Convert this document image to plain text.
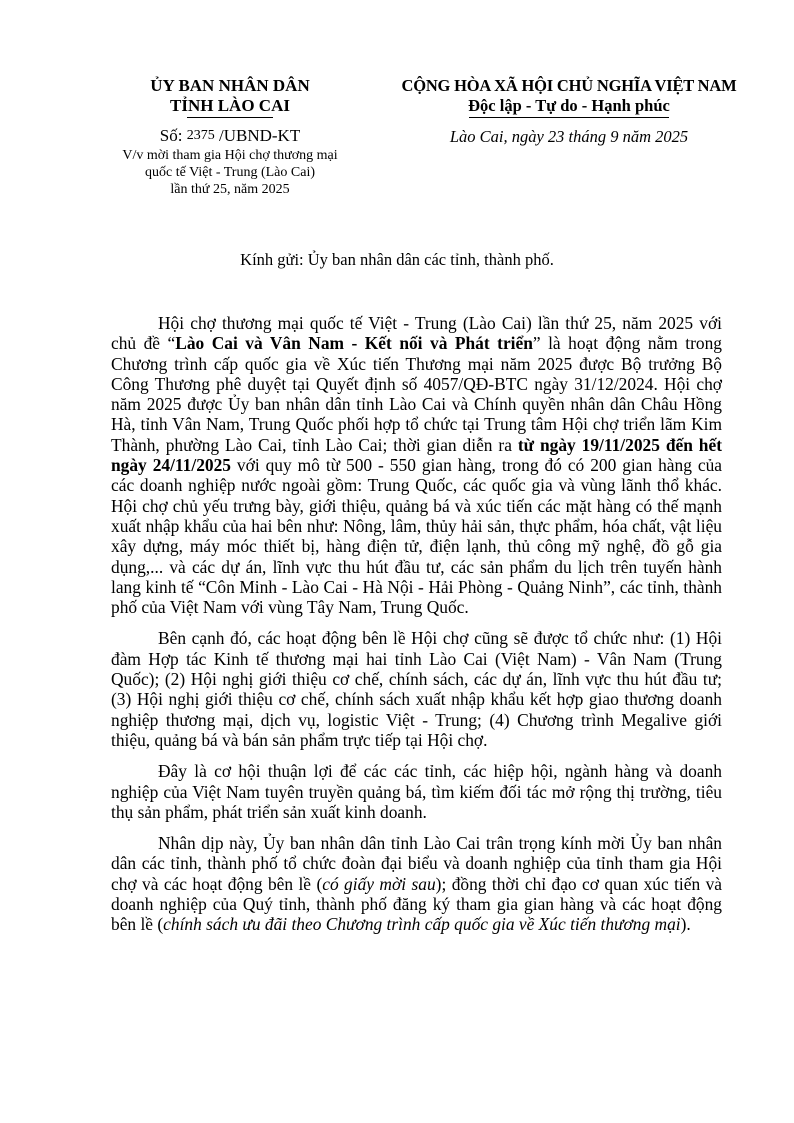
ỦY BAN NHÂN DÂN
TỈNH LÀO CAI
Số: 2375 /UBND-KT
V/v mời tham gia Hội chợ thương mại
quốc tế Việt - Trung (Lào Cai)
lần thứ 25, năm 2025
CỘNG HÒA XÃ HỘI CHỦ NGHĨA VIỆT NAM
Độc lập - Tự do - Hạnh phúc
Lào Cai, ngày 23 tháng 9 năm 2025
Kính gửi: Ủy ban nhân dân các tỉnh, thành phố.

Hội chợ thương mại quốc tế Việt - Trung (Lào Cai) lần thứ 25, năm 2025 với chủ đề “Lào Cai và Vân Nam - Kết nối và Phát triển” là hoạt động nằm trong Chương trình cấp quốc gia về Xúc tiến Thương mại năm 2025 được Bộ trưởng Bộ Công Thương phê duyệt tại Quyết định số 4057/QĐ-BTC ngày 31/12/2024. Hội chợ năm 2025 được Ủy ban nhân dân tỉnh Lào Cai và Chính quyền nhân dân Châu Hồng Hà, tỉnh Vân Nam, Trung Quốc phối hợp tổ chức tại Trung tâm Hội chợ triển lãm Kim Thành, phường Lào Cai, tỉnh Lào Cai; thời gian diễn ra từ ngày 19/11/2025 đến hết ngày 24/11/2025 với quy mô từ 500 - 550 gian hàng, trong đó có 200 gian hàng của các doanh nghiệp nước ngoài gồm: Trung Quốc, các quốc gia và vùng lãnh thổ khác. Hội chợ chủ yếu trưng bày, giới thiệu, quảng bá và xúc tiến các mặt hàng có thế mạnh xuất nhập khẩu của hai bên như: Nông, lâm, thủy hải sản, thực phẩm, hóa chất, vật liệu xây dựng, máy móc thiết bị, hàng điện tử, điện lạnh, thủ công mỹ nghệ, đồ gỗ gia dụng,... và các dự án, lĩnh vực thu hút đầu tư, các sản phẩm du lịch trên tuyến hành lang kinh tế “Côn Minh - Lào Cai - Hà Nội - Hải Phòng - Quảng Ninh”, các tỉnh, thành phố của Việt Nam với vùng Tây Nam, Trung Quốc.

Bên cạnh đó, các hoạt động bên lề Hội chợ cũng sẽ được tổ chức như: (1) Hội đàm Hợp tác Kinh tế thương mại hai tỉnh Lào Cai (Việt Nam) - Vân Nam (Trung Quốc); (2) Hội nghị giới thiệu cơ chế, chính sách, các dự án, lĩnh vực thu hút đầu tư; (3) Hội nghị giới thiệu cơ chế, chính sách xuất nhập khẩu kết hợp giao thương doanh nghiệp thương mại, dịch vụ, logistic Việt - Trung; (4) Chương trình Megalive giới thiệu, quảng bá và bán sản phẩm trực tiếp tại Hội chợ.

Đây là cơ hội thuận lợi để các các tỉnh, các hiệp hội, ngành hàng và doanh nghiệp của Việt Nam tuyên truyền quảng bá, tìm kiếm đối tác mở rộng thị trường, tiêu thụ sản phẩm, phát triển sản xuất kinh doanh.

Nhân dịp này, Ủy ban nhân dân tỉnh Lào Cai trân trọng kính mời Ủy ban nhân dân các tỉnh, thành phố tổ chức đoàn đại biểu và doanh nghiệp của tỉnh tham gia Hội chợ và các hoạt động bên lề (có giấy mời sau); đồng thời chỉ đạo cơ quan xúc tiến và doanh nghiệp của Quý tỉnh, thành phố đăng ký tham gia gian hàng và các hoạt động bên lề (chính sách ưu đãi theo Chương trình cấp quốc gia về Xúc tiến thương mại).
